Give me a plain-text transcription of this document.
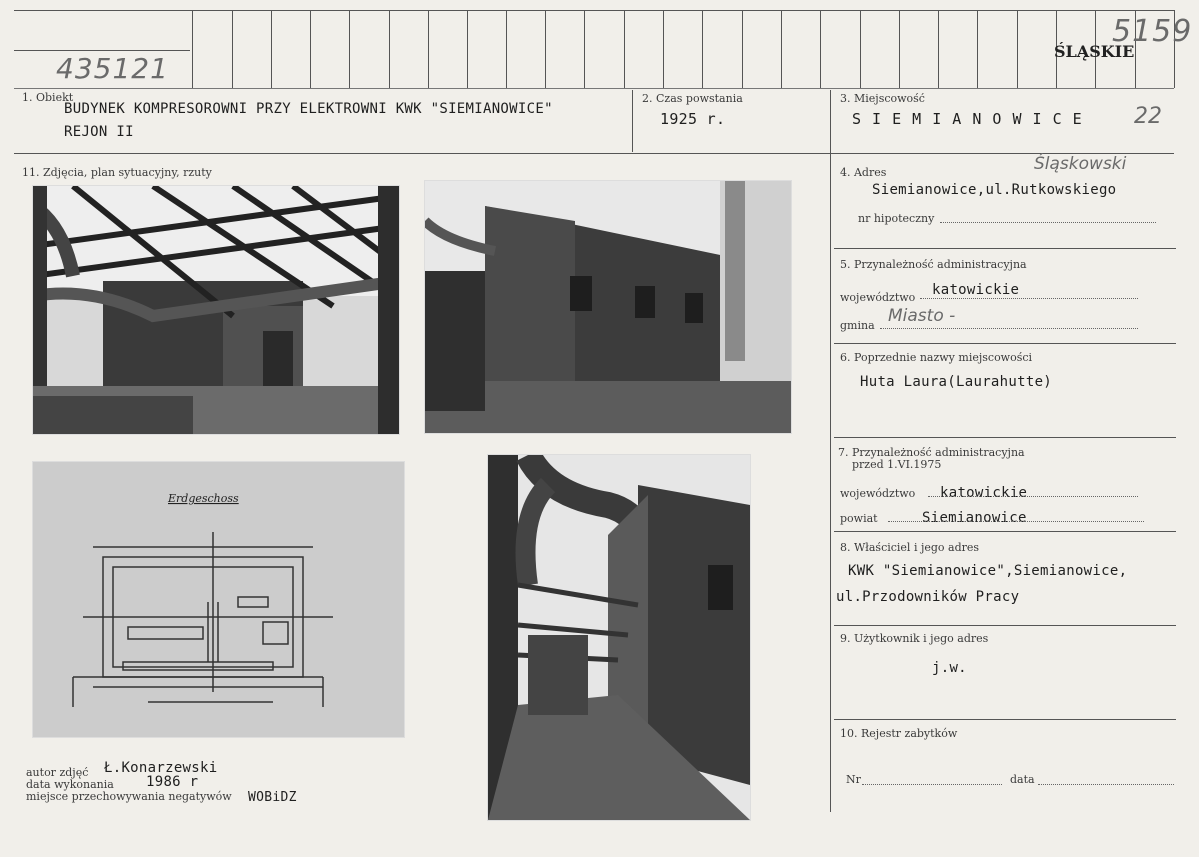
435121
5159
ŚLĄSKIE
1. Obiekt
BUDYNEK KOMPRESOROWNI PRZY ELEKTROWNI KWK "SIEMIANOWICE"
REJON II
2. Czas powstania
1925 r.
3. Miejscowość
S I E M I A N O W I C E 22
11. Zdjęcia, plan sytuacyjny, rzuty
Erdgeschoss
autor zdjęć Ł.Konarzewski
data wykonania 1986 r
miejsce przechowywania negatywów WOBiDZ
4. Adres	Śląskowski
Siemianowice,ul.Rutkowskiego
nr hipoteczny
5. Przynależność administracyjna
województwo katowickie
gmina Miasto -
6. Poprzednie nazwy miejscowości
Huta Laura(Laurahutte)
7. Przynależność administracyjna
przed 1.VI.1975
województwo katowickie
powiat	Siemianowice
8. Właściciel i jego adres
KWK "Siemianowice",Siemianowice,
ul.Przodowników Pracy
9. Użytkownik i jego adres
j.w.
10. Rejestr zabytków
Nr	data
